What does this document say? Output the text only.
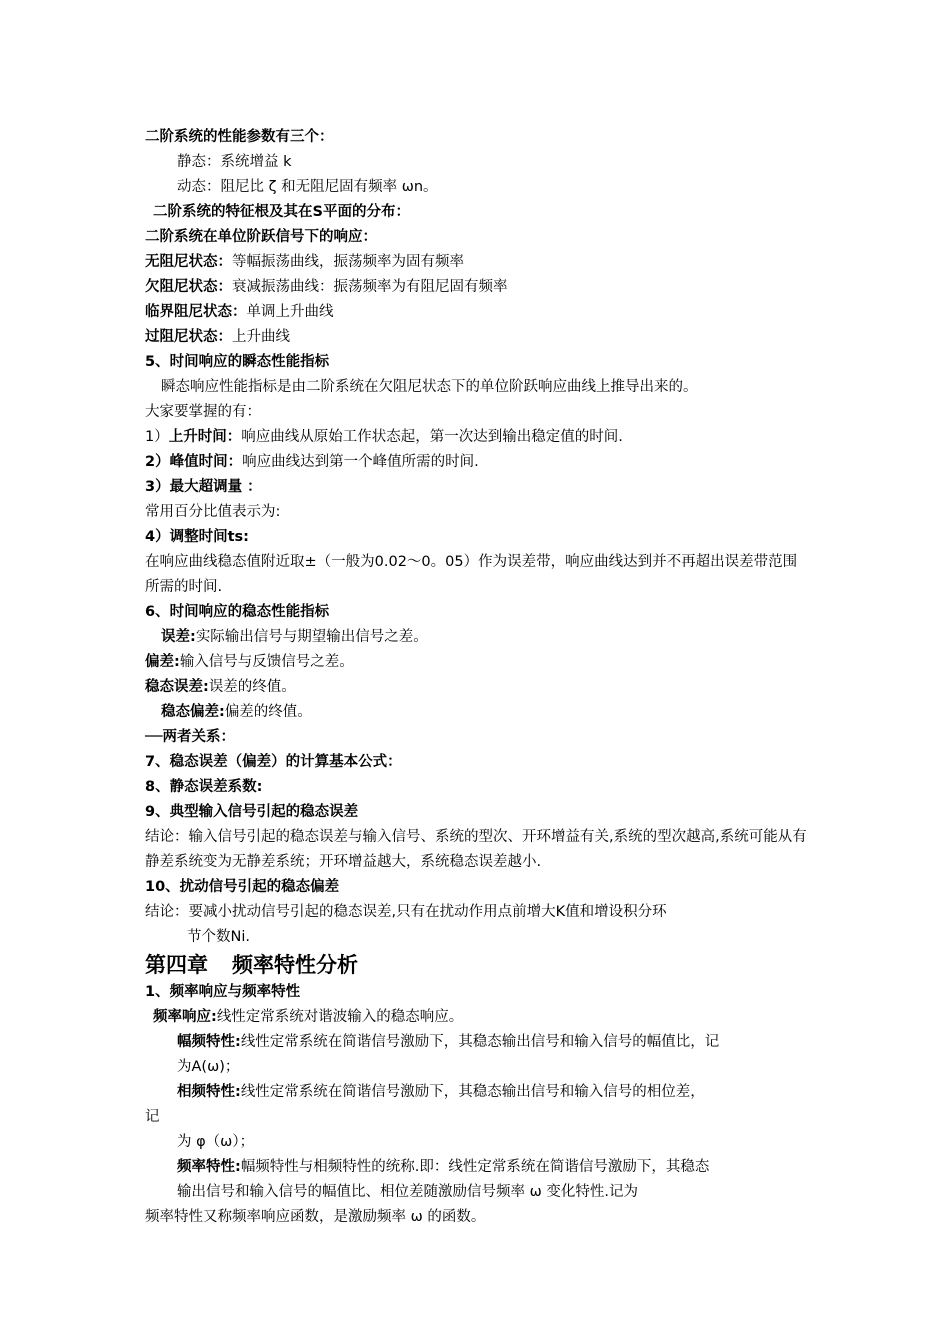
二阶系统的性能参数有三个：
静态：系统增益 k
动态：阻尼比 ζ 和无阻尼固有频率 ωn。
二阶系统的特征根及其在S平面的分布：
二阶系统在单位阶跃信号下的响应：
无阻尼状态：等幅振荡曲线，振荡频率为固有频率
欠阻尼状态：衰减振荡曲线：振荡频率为有阻尼固有频率
临界阻尼状态：单调上升曲线
过阻尼状态：上升曲线
5、时间响应的瞬态性能指标
瞬态响应性能指标是由二阶系统在欠阻尼状态下的单位阶跃响应曲线上推导出来的。
大家要掌握的有：
1）上升时间：响应曲线从原始工作状态起，第一次达到输出稳定值的时间.
2）峰值时间：响应曲线达到第一个峰值所需的时间.
3）最大超调量 ：
常用百分比值表示为:
4）调整时间ts:
在响应曲线稳态值附近取±（一般为0.02～0。05）作为误差带，响应曲线达到并不再超出误差带范围所需的时间.
6、时间响应的稳态性能指标
误差:实际输出信号与期望输出信号之差。
偏差:输入信号与反馈信号之差。
稳态误差:误差的终值。
稳态偏差:偏差的终值。
──两者关系：
7、稳态误差（偏差）的计算基本公式：
8、静态误差系数:
9、典型输入信号引起的稳态误差
结论：输入信号引起的稳态误差与输入信号、系统的型次、开环增益有关,系统的型次越高,系统可能从有静差系统变为无静差系统；开环增益越大，系统稳态误差越小.
10、扰动信号引起的稳态偏差
结论：要减小扰动信号引起的稳态误差,只有在扰动作用点前增大K值和增设积分环
节个数Ni.
第四章 频率特性分析
1、频率响应与频率特性
频率响应:线性定常系统对谐波输入的稳态响应。
幅频特性:线性定常系统在简谐信号激励下，其稳态输出信号和输入信号的幅值比，记
为A(ω)；
相频特性:线性定常系统在简谐信号激励下，其稳态输出信号和输入信号的相位差，
记
为 φ（ω）；
频率特性:幅频特性与相频特性的统称.即：线性定常系统在简谐信号激励下，其稳态
输出信号和输入信号的幅值比、相位差随激励信号频率 ω 变化特性.记为
频率特性又称频率响应函数，是激励频率 ω 的函数。
